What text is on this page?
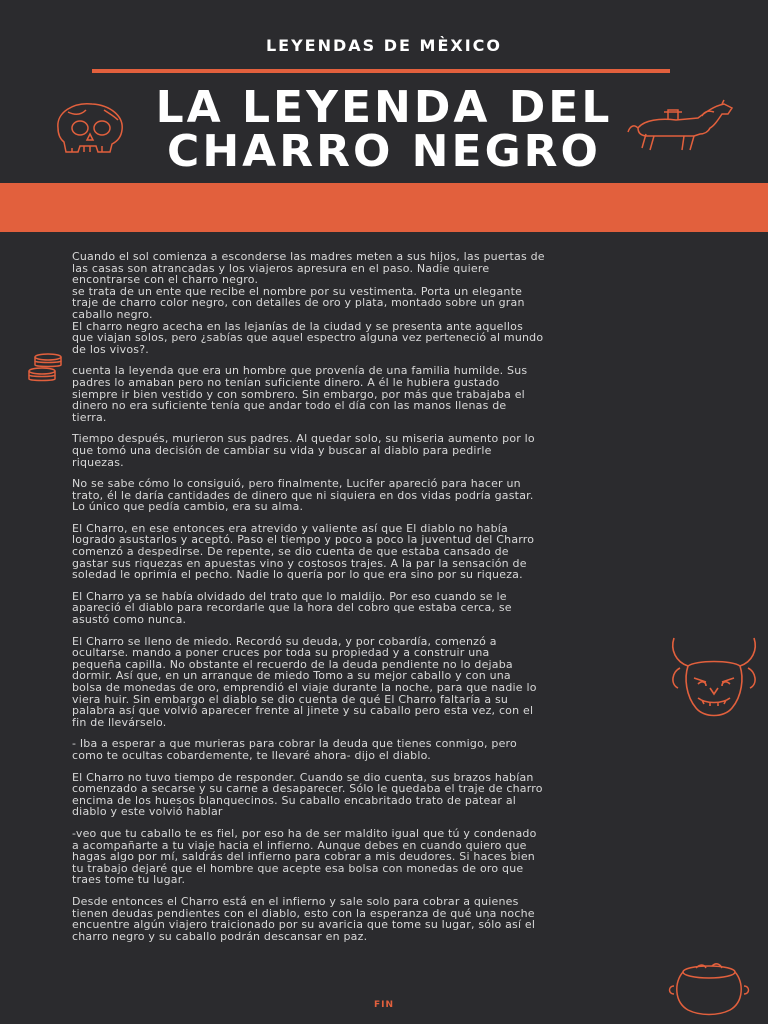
LEYENDAS DE MÈXICO
LA LEYENDA DEL
CHARRO NEGRO

Cuando el sol comienza a esconderse las madres meten a sus hijos, las puertas de
las casas son atrancadas y los viajeros apresura en el paso. Nadie quiere
encontrarse con el charro negro.
se trata de un ente que recibe el nombre por su vestimenta. Porta un elegante
traje de charro color negro, con detalles de oro y plata, montado sobre un gran
caballo negro.
El charro negro acecha en las lejanías de la ciudad y se presenta ante aquellos
que viajan solos, pero ¿sabías que aquel espectro alguna vez perteneció al mundo
de los vivos?.

cuenta la leyenda que era un hombre que provenía de una familia humilde. Sus
padres lo amaban pero no tenían suficiente dinero. A él le hubiera gustado
siempre ir bien vestido y con sombrero. Sin embargo, por más que trabajaba el
dinero no era suficiente tenía que andar todo el día con las manos llenas de
tierra.

Tiempo después, murieron sus padres. Al quedar solo, su miseria aumento por lo
que tomó una decisión de cambiar su vida y buscar al diablo para pedirle
riquezas.

No se sabe cómo lo consiguió, pero finalmente, Lucifer apareció para hacer un
trato, él le daría cantidades de dinero que ni siquiera en dos vidas podría gastar.
Lo único que pedía cambio, era su alma.

El Charro, en ese entonces era atrevido y valiente así que El diablo no había
logrado asustarlos y aceptó. Paso el tiempo y poco a poco la juventud del Charro
comenzó a despedirse. De repente, se dio cuenta de que estaba cansado de
gastar sus riquezas en apuestas vino y costosos trajes. A la par la sensación de
soledad le oprimía el pecho. Nadie lo quería por lo que era sino por su riqueza.

El Charro ya se había olvidado del trato que lo maldijo. Por eso cuando se le
apareció el diablo para recordarle que la hora del cobro que estaba cerca, se
asustó como nunca.

El Charro se lleno de miedo. Recordó su deuda, y por cobardía, comenzó a
ocultarse. mando a poner cruces por toda su propiedad y a construir una
pequeña capilla. No obstante el recuerdo de la deuda pendiente no lo dejaba
dormir. Así que, en un arranque de miedo Tomo a su mejor caballo y con una
bolsa de monedas de oro, emprendió el viaje durante la noche, para que nadie lo
viera huir. Sin embargo el diablo se dio cuenta de qué El Charro faltaría a su
palabra así que volvió aparecer frente al jinete y su caballo pero esta vez, con el
fin de llevárselo.

- Iba a esperar a que murieras para cobrar la deuda que tienes conmigo, pero
como te ocultas cobardemente, te llevaré ahora- dijo el diablo.

El Charro no tuvo tiempo de responder. Cuando se dio cuenta, sus brazos habían
comenzado a secarse y su carne a desaparecer. Sólo le quedaba el traje de charro
encima de los huesos blanquecinos. Su caballo encabritado trato de patear al
diablo y este volvió hablar

-veo que tu caballo te es fiel, por eso ha de ser maldito igual que tú y condenado
a acompañarte a tu viaje hacia el infierno. Aunque debes en cuando quiero que
hagas algo por mí, saldrás del infierno para cobrar a mis deudores. Si haces bien
tu trabajo dejaré que el hombre que acepte esa bolsa con monedas de oro que
traes tome tu lugar.

Desde entonces el Charro está en el infierno y sale solo para cobrar a quienes
tienen deudas pendientes con el diablo, esto con la esperanza de qué una noche
encuentre algún viajero traicionado por su avaricia que tome su lugar, sólo así el
charro negro y su caballo podrán descansar en paz.

FIN
